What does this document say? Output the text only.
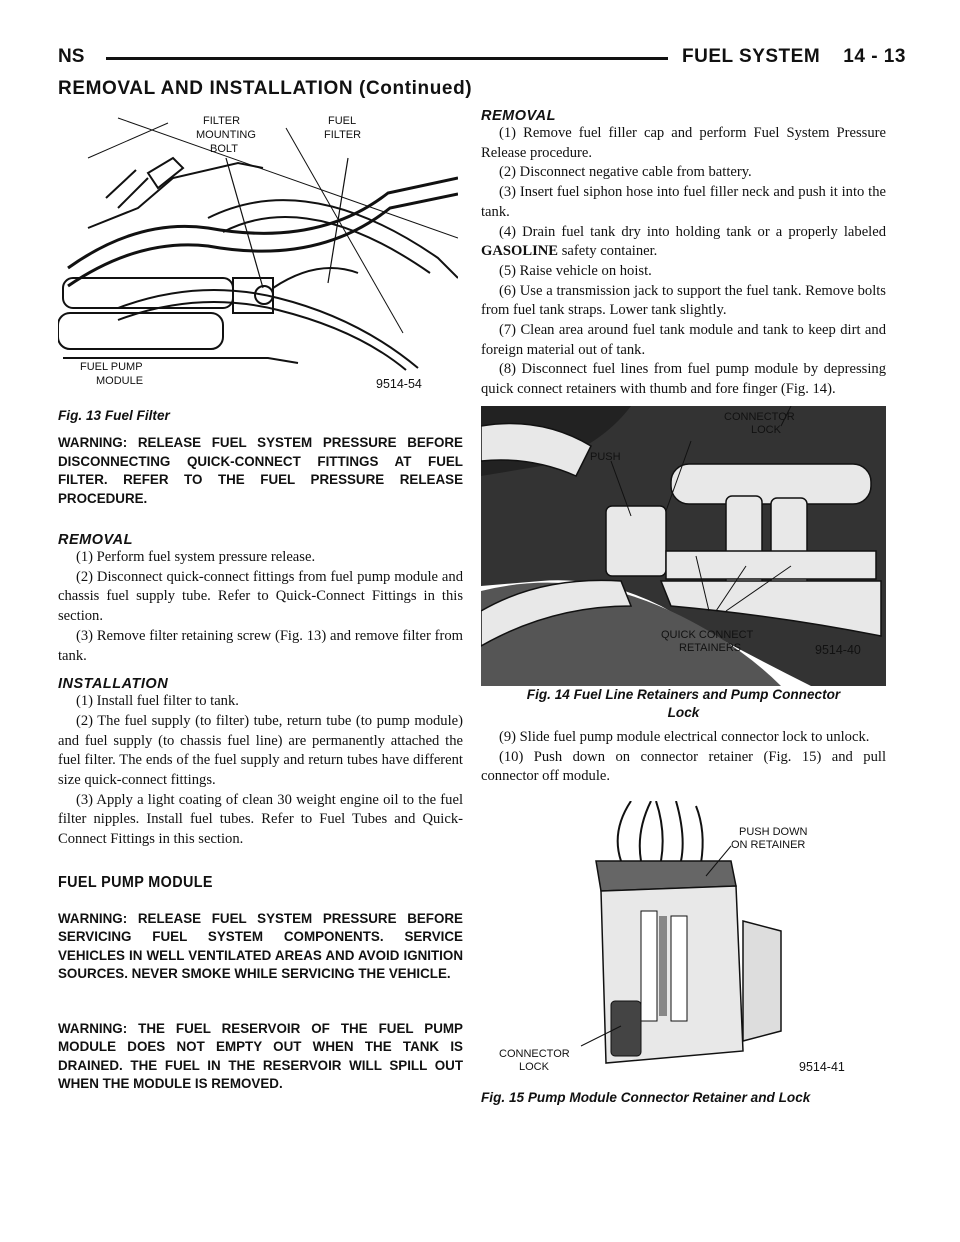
NS	FUEL SYSTEM    14 - 13
REMOVAL AND INSTALLATION (Continued)
FILTER
MOUNTING
BOLT
FUEL
FILTER
FUEL PUMP
MODULE	9514-54
Fig. 13 Fuel Filter

WARNING: RELEASE FUEL SYSTEM PRESSURE BEFORE DISCONNECTING QUICK-CONNECT FITTINGS AT FUEL FILTER. REFER TO THE FUEL PRESSURE RELEASE PROCEDURE.

REMOVAL

(1) Perform fuel system pressure release.

(2) Disconnect quick-connect fittings from fuel pump module and chassis fuel supply tube. Refer to Quick-Connect Fittings in this section.

(3) Remove filter retaining screw (Fig. 13) and remove filter from tank.

INSTALLATION

(1) Install fuel filter to tank.

(2) The fuel supply (to filter) tube, return tube (to pump module) and fuel supply (to chassis fuel line) are permanently attached the fuel filter. The ends of the fuel supply and return tubes have different size quick-connect fittings.

(3) Apply a light coating of clean 30 weight engine oil to the fuel filter nipples. Install fuel tubes. Refer to Fuel Tubes and Quick-Connect Fittings in this section.

FUEL PUMP MODULE

WARNING: RELEASE FUEL SYSTEM PRESSURE BEFORE SERVICING FUEL SYSTEM COMPONENTS. SERVICE VEHICLES IN WELL VENTILATED AREAS AND AVOID IGNITION SOURCES. NEVER SMOKE WHILE SERVICING THE VEHICLE.

WARNING: THE FUEL RESERVOIR OF THE FUEL PUMP MODULE DOES NOT EMPTY OUT WHEN THE TANK IS DRAINED. THE FUEL IN THE RESERVOIR WILL SPILL OUT WHEN THE MODULE IS REMOVED.

REMOVAL

(1) Remove fuel filler cap and perform Fuel System Pressure Release procedure.

(2) Disconnect negative cable from battery.

(3) Insert fuel siphon hose into fuel filler neck and push it into the tank.

(4) Drain fuel tank dry into holding tank or a properly labeled GASOLINE safety container.

(5) Raise vehicle on hoist.

(6) Use a transmission jack to support the fuel tank. Remove bolts from fuel tank straps. Lower tank slightly.

(7) Clean area around fuel tank module and tank to keep dirt and foreign material out of tank.

(8) Disconnect fuel lines from fuel pump module by depressing quick connect retainers with thumb and fore finger (Fig. 14).

CONNECTOR
LOCK
PUSH
QUICK CONNECT
RETAINERS	9514-40
Fig. 14 Fuel Line Retainers and Pump Connector
Lock

(9) Slide fuel pump module electrical connector lock to unlock.

(10) Push down on connector retainer (Fig. 15) and pull connector off module.

PUSH DOWN
ON RETAINER
CONNECTOR
LOCK	9514-41
Fig. 15 Pump Module Connector Retainer and Lock
